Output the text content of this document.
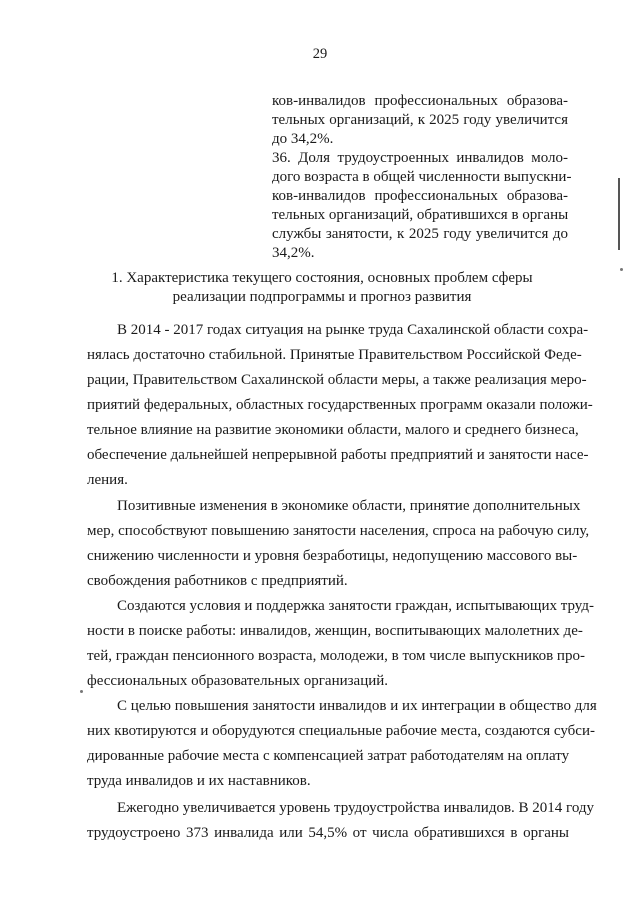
29
ков-инвалидов профессиональных образова-
тельных организаций, к 2025 году увеличится
до 34,2%.
36. Доля трудоустроенных инвалидов моло-
дого возраста в общей численности выпускни-
ков-инвалидов профессиональных образова-
тельных организаций, обратившихся в органы
службы занятости, к 2025 году увеличится до
34,2%.
1. Характеристика текущего состояния, основных проблем сферы
реализации подпрограммы и прогноз развития
В 2014 - 2017 годах ситуация на рынке труда Сахалинской области сохра-
нялась достаточно стабильной. Принятые Правительством Российской Феде-
рации, Правительством Сахалинской области меры, а также реализация меро-
приятий федеральных, областных государственных программ оказали положи-
тельное влияние на развитие экономики области, малого и среднего бизнеса,
обеспечение дальнейшей непрерывной работы предприятий и занятости насе-
ления.
Позитивные изменения в экономике области, принятие дополнительных
мер, способствуют повышению занятости населения, спроса на рабочую силу,
снижению численности и уровня безработицы, недопущению массового вы-
свобождения работников с предприятий.
Создаются условия и поддержка занятости граждан, испытывающих труд-
ности в поиске работы: инвалидов, женщин, воспитывающих малолетних де-
тей, граждан пенсионного возраста, молодежи, в том числе выпускников про-
фессиональных образовательных организаций.
С целью повышения занятости инвалидов и их интеграции в общество для
них квотируются и оборудуются специальные рабочие места, создаются субси-
дированные рабочие места с компенсацией затрат работодателям на оплату
труда инвалидов и их наставников.
Ежегодно увеличивается уровень трудоустройства инвалидов. В 2014 году
трудоустроено 373 инвалида или 54,5% от числа обратившихся в органы
